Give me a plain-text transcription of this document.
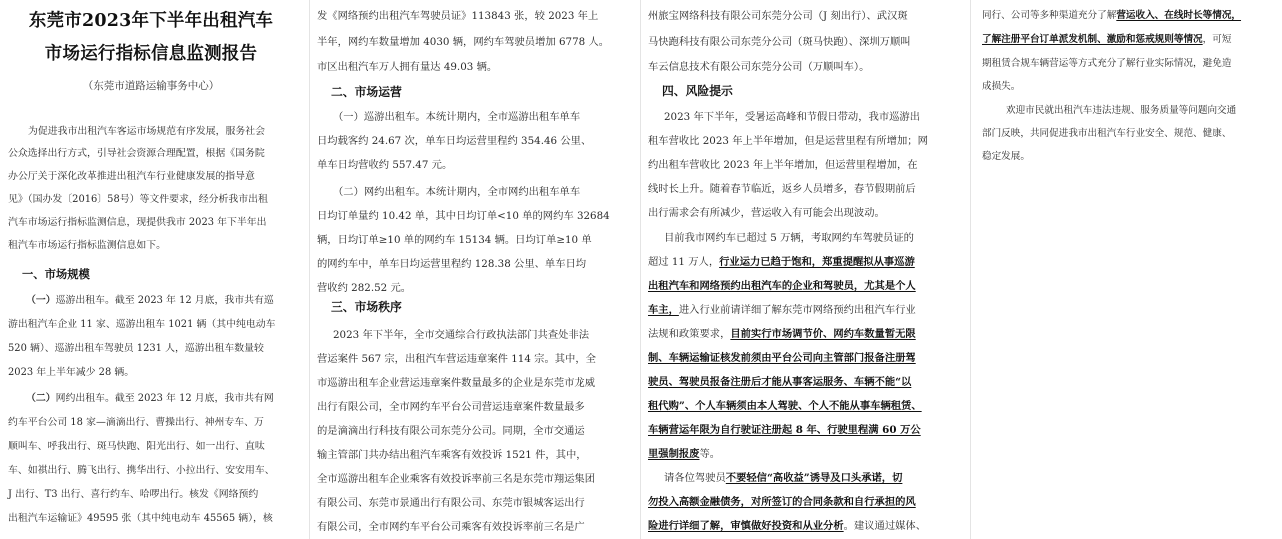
东莞市2023年下半年出租汽车
市场运行指标信息监测报告
（东莞市道路运输事务中心）
为促进我市出租汽车客运市场规范有序发展，服务社会
公众选择出行方式，引导社会资源合理配置，根据《国务院
办公厅关于深化改革推进出租汽车行业健康发展的指导意
见》（国办发〔2016〕58号）等文件要求，经分析我市出租
汽车市场运行指标监测信息，现提供我市 2023 年下半年出
租汽车市场运行指标监测信息如下。
一、市场规模
（一）巡游出租车。截至 2023 年 12 月底，我市共有巡
游出租汽车企业 11 家、巡游出租车 1021 辆（其中纯电动车
520 辆）、巡游出租车驾驶员 1231 人，巡游出租车数量较
2023 年上半年减少 28 辆。
（二）网约出租车。截至 2023 年 12 月底，我市共有网
约车平台公司 18 家—滴滴出行、曹操出行、神州专车、万
顺叫车、呼我出行、斑马快跑、阳光出行、如一出行、直呔
车、如祺出行、腾飞出行、携华出行、小拉出行、安安用车、
J 出行、T3 出行、喜行约车、哈啰出行。核发《网络预约
出租汽车运输证》49595 张（其中纯电动车 45565 辆），核
发《网络预约出租汽车驾驶员证》113843 张，较 2023 年上
半年，网约车数量增加 4030 辆，网约车驾驶员增加 6778 人。
市区出租汽车万人拥有量达 49.03 辆。
二、市场运营
（一）巡游出租车。本统计期内，全市巡游出租车单车
日均载客约 24.67 次，单车日均运营里程约 354.46 公里、
单车日均营收约 557.47 元。
（二）网约出租车。本统计期内，全市网约出租车单车
日均订单量约 10.42 单，其中日均订单<10 单的网约车 32684
辆，日均订单≥10 单的网约车 15134 辆。日均订单≥10 单
的网约车中，单车日均运营里程约 128.38 公里、单车日均
营收约 282.52 元。
三、市场秩序
2023 年下半年，全市交通综合行政执法部门共查处非法
营运案件 567 宗，出租汽车营运违章案件 114 宗。其中，全
市巡游出租车企业营运违章案件数量最多的企业是东莞市龙威
出行有限公司，全市网约车平台公司营运违章案件数量最多
的是滴滴出行科技有限公司东莞分公司。同期，全市交通运
输主管部门共办结出租汽车乘客有效投诉 1521 件，其中，
全市巡游出租车企业乘客有效投诉率前三名是东莞市翔运集团
有限公司、东莞市景通出行有限公司、东莞市银城客运出行
有限公司，全市网约车平台公司乘客有效投诉率前三名是广
州旅宝网络科技有限公司东莞分公司（J 刻出行）、武汉斑
马快跑科技有限公司东莞分公司（斑马快跑）、深圳万顺叫
车云信息技术有限公司东莞分公司（万顺叫车）。
四、风险提示
2023 年下半年，受暑运高峰和节假日带动，我市巡游出
租车营收比 2023 年上半年增加，但是运营里程有所增加；网
约出租车营收比 2023 年上半年增加，但运营里程增加，在
线时长上升。随着春节临近，返乡人员增多，春节假期前后
出行需求会有所减少，营运收入有可能会出现波动。
目前我市网约车已超过 5 万辆，考取网约车驾驶员证的
超过 11 万人，行业运力已趋于饱和，郑重提醒拟从事巡游
出租汽车和网络预约出租汽车的企业和驾驶员，尤其是个人
车主，进入行业前请详细了解东莞市网络预约出租汽车行业
法规和政策要求，目前实行市场调节价、网约车数量暂无限
制、车辆运输证核发前须由平台公司向主管部门报备注册驾
驶员、驾驶员报备注册后才能从事客运服务、车辆不能“以
租代购”、个人车辆须由本人驾驶、个人不能从事车辆租赁、
车辆营运年限为自行驶证注册起 8 年、行驶里程满 60 万公
里强制报废等。
请各位驾驶员不要轻信“高收益”诱导及口头承诺，切
勿投入高额金融债务，对所签订的合同条款和自行承担的风
险进行详细了解，审慎做好投资和从业分析。建议通过媒体、
同行、公司等多种渠道充分了解营运收入、在线时长等情况，
了解注册平台订单派发机制、激励和惩戒规则等情况，可短
期租赁合规车辆营运等方式充分了解行业实际情况，避免造
成损失。
欢迎市民就出租汽车违法违规、服务质量等问题向交通
部门反映，共同促进我市出租汽车行业安全、规范、健康、
稳定发展。
